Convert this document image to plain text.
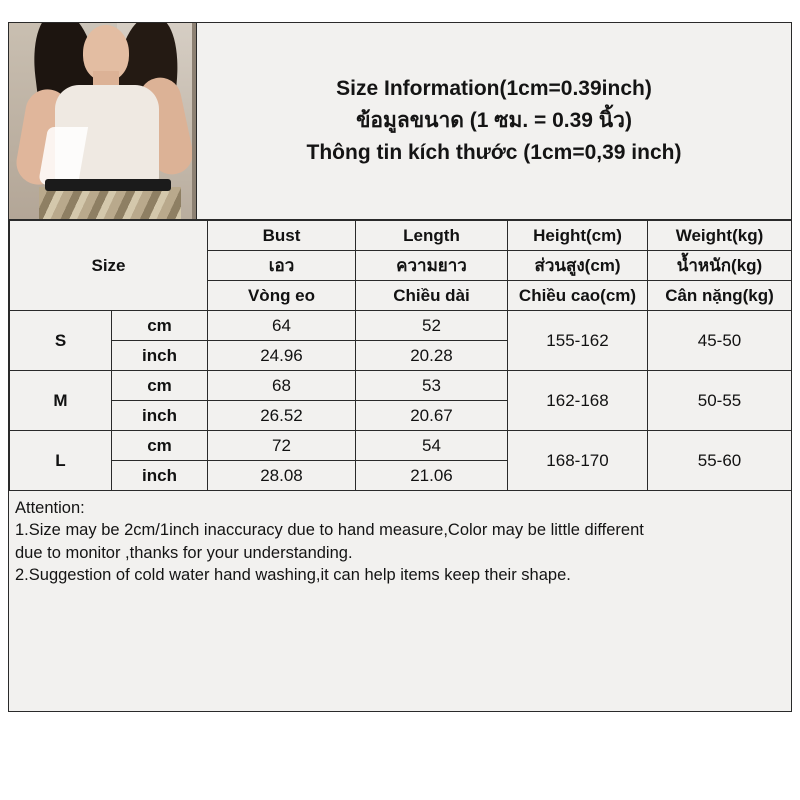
Size Information(1cm=0.39inch)
ข้อมูลขนาด (1 ซม. = 0.39 นิ้ว)
Thông tin kích thước (1cm=0,39 inch)
Size		Bust	Length	Height(cm)	Weight(kg)
		เอว	ความยาว	ส่วนสูง(cm)	น้ำหนัก(kg)
		Vòng eo	Chiều dài	Chiều cao(cm)	Cân nặng(kg)
S	cm	64	52	155-162	45-50
	inch	24.96	20.28		
M	cm	68	53	162-168	50-55
	inch	26.52	20.67		
L	cm	72	54	168-170	55-60
	inch	28.08	21.06		
Attention:
1.Size may be 2cm/1inch inaccuracy due to hand measure,Color may be little different
due to monitor ,thanks for your understanding.
2.Suggestion of cold water hand washing,it can help items keep their shape.
